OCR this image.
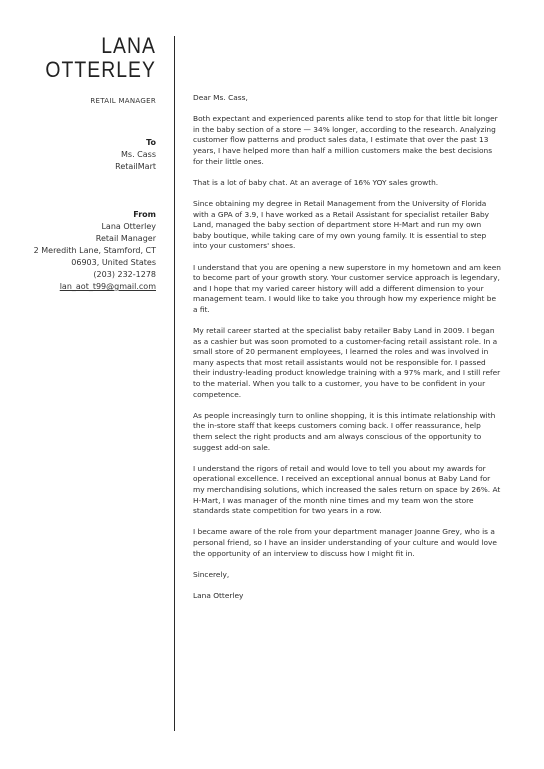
LANA
OTTERLEY
RETAIL MANAGER
To
Ms. Cass
RetailMart
From
Lana Otterley
Retail Manager
2 Meredith Lane, Stamford, CT
06903, United States
(203) 232-1278
lan_aot_t99@gmail.com

Dear Ms. Cass,

Both expectant and experienced parents alike tend to stop for that little bit longer in the baby section of a store — 34% longer, according to the research. Analyzing customer flow patterns and product sales data, I estimate that over the past 13 years, I have helped more than half a million customers make the best decisions for their little ones.

That is a lot of baby chat. At an average of 16% YOY sales growth.

Since obtaining my degree in Retail Management from the University of Florida with a GPA of 3.9, I have worked as a Retail Assistant for specialist retailer Baby Land, managed the baby section of department store H-Mart and run my own baby boutique, while taking care of my own young family. It is essential to step into your customers' shoes.

I understand that you are opening a new superstore in my hometown and am keen to become part of your growth story. Your customer service approach is legendary, and I hope that my varied career history will add a different dimension to your management team. I would like to take you through how my experience might be a fit.

My retail career started at the specialist baby retailer Baby Land in 2009. I began as a cashier but was soon promoted to a customer-facing retail assistant role. In a small store of 20 permanent employees, I learned the roles and was involved in many aspects that most retail assistants would not be responsible for. I passed their industry-leading product knowledge training with a 97% mark, and I still refer to the material. When you talk to a customer, you have to be confident in your competence.

As people increasingly turn to online shopping, it is this intimate relationship with the in-store staff that keeps customers coming back. I offer reassurance, help them select the right products and am always conscious of the opportunity to suggest add-on sale.

I understand the rigors of retail and would love to tell you about my awards for operational excellence. I received an exceptional annual bonus at Baby Land for my merchandising solutions, which increased the sales return on space by 26%. At H-Mart, I was manager of the month nine times and my team won the store standards state competition for two years in a row.

I became aware of the role from your department manager Joanne Grey, who is a personal friend, so I have an insider understanding of your culture and would love the opportunity of an interview to discuss how I might fit in.

Sincerely,

Lana Otterley
